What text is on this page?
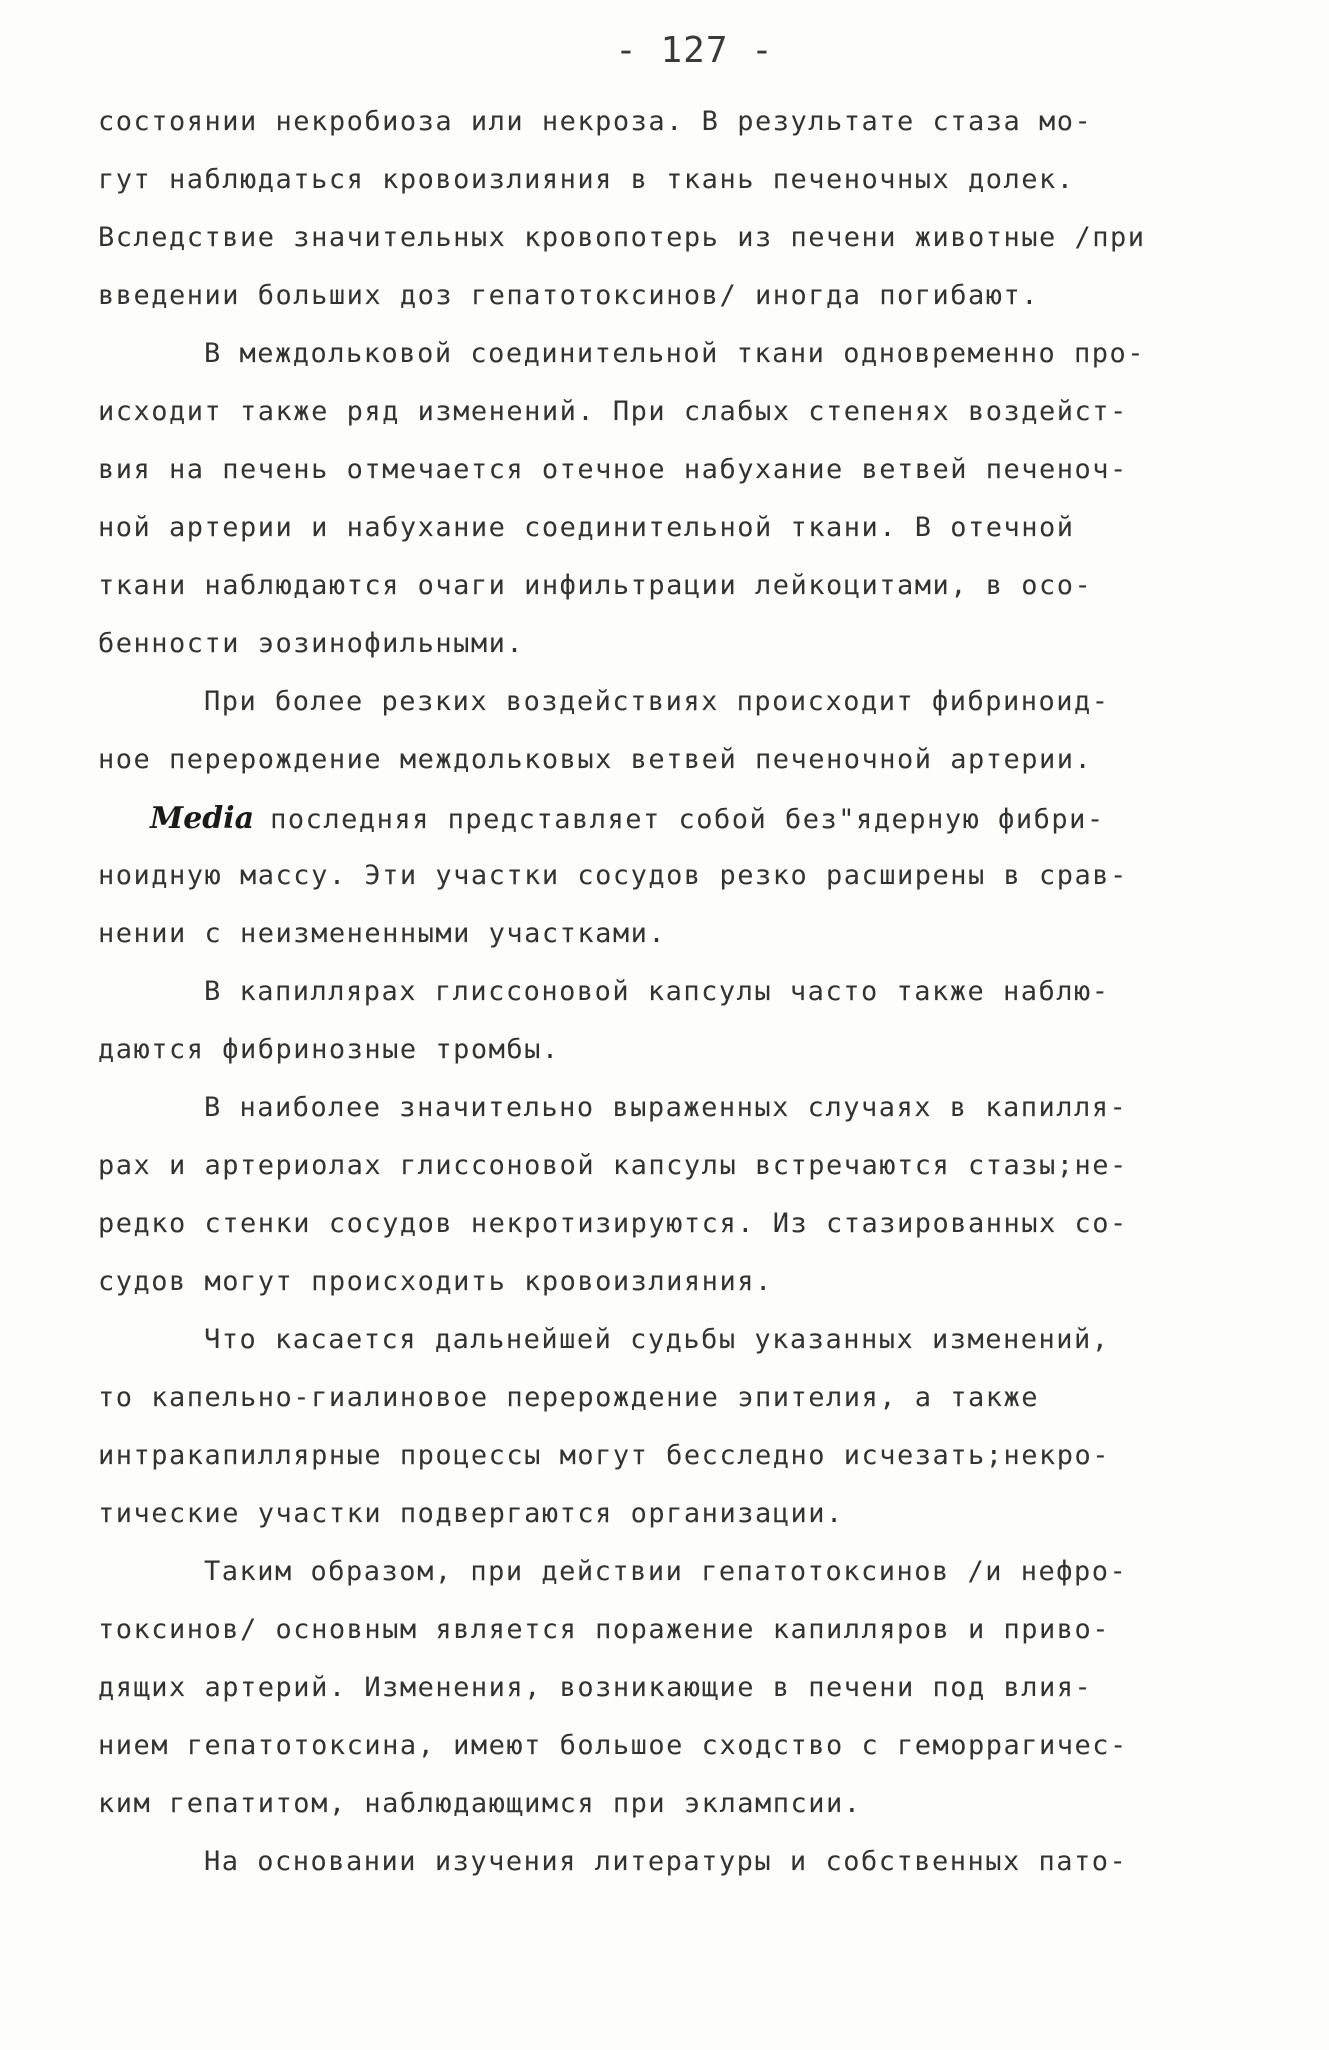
- 127 -
состоянии некробиоза или некроза. В результате стаза мо-
гут наблюдаться кровоизлияния в ткань печеночных долек.
Вследствие значительных кровопотерь из печени животные /при
введении больших доз гепатотоксинов/ иногда погибают.
В междольковой соединительной ткани одновременно про-
исходит также ряд изменений. При слабых степенях воздейст-
вия на печень отмечается отечное набухание ветвей печеноч-
ной артерии и набухание соединительной ткани. В отечной
ткани наблюдаются очаги инфильтрации лейкоцитами, в осо-
бенности эозинофильными.
При более резких воздействиях происходит фибриноид-
ное перерождение междольковых ветвей печеночной артерии.
Media последняя представляет собой без"ядерную фибри-
ноидную массу. Эти участки сосудов резко расширены в срав-
нении с неизмененными участками.
В капиллярах глиссоновой капсулы часто также наблю-
даются фибринозные тромбы.
В наиболее значительно выраженных случаях в капилля-
рах и артериолах глиссоновой капсулы встречаются стазы;не-
редко стенки сосудов некротизируются. Из стазированных со-
судов могут происходить кровоизлияния.
Что касается дальнейшей судьбы указанных изменений,
то капельно-гиалиновое перерождение эпителия, а также
интракапиллярные процессы могут бесследно исчезать;некро-
тические участки подвергаются организации.
Таким образом, при действии гепатотоксинов /и нефро-
токсинов/ основным является поражение капилляров и приво-
дящих артерий. Изменения, возникающие в печени под влия-
нием гепатотоксина, имеют большое сходство с геморрагичес-
ким гепатитом, наблюдающимся при эклампсии.
На основании изучения литературы и собственных пато-
